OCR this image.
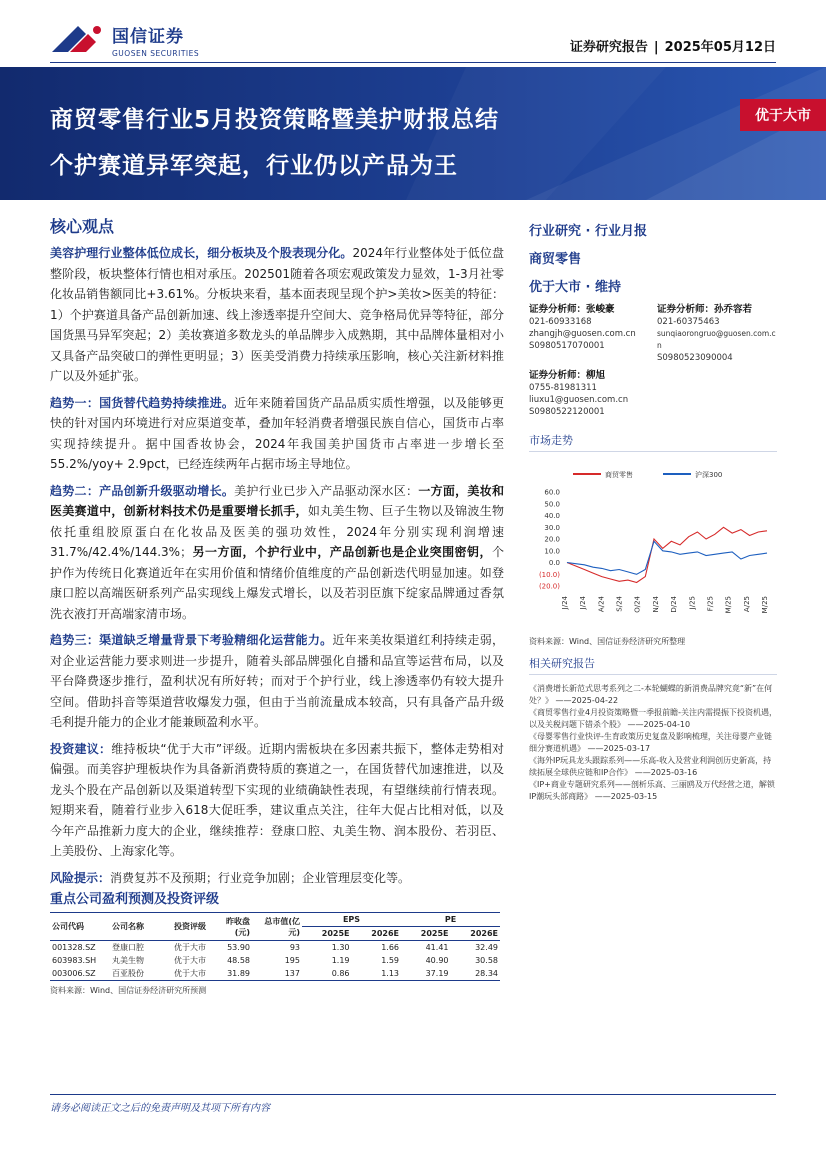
国信证券
GUOSEN SECURITIES	证券研究报告 | 2025年05月12日
商贸零售行业5月投资策略暨美护财报总结
个护赛道异军突起，行业仍以产品为王
优于大市
核心观点

美容护理行业整体低位成长，细分板块及个股表现分化。2024年行业整体处于低位盘整阶段，板块整体行情也相对承压。202501随着各项宏观政策发力显效，1-3月社零化妆品销售额同比+3.61%。分板块来看，基本面表现呈现个护>美妆>医美的特征：1）个护赛道具备产品创新加速、线上渗透率提升空间大、竞争格局优异等特征，部分国货黑马异军突起；2）美妆赛道多数龙头的单品牌步入成熟期，其中品牌体量相对小又具备产品突破口的弹性更明显；3）医美受消费力持续承压影响，核心关注新材料推广以及外延扩张。

趋势一：国货替代趋势持续推进。近年来随着国货产品品质实质性增强，以及能够更快的针对国内环境进行对应渠道变革，叠加年轻消费者增强民族自信心，国货市占率实现持续提升。据中国香妆协会，2024年我国美护国货市占率进一步增长至55.2%/yoy+ 2.9pct，已经连续两年占据市场主导地位。

趋势二：产品创新升级驱动增长。美护行业已步入产品驱动深水区：一方面，美妆和医美赛道中，创新材料技术仍是重要增长抓手，如丸美生物、巨子生物以及锦波生物依托重组胶原蛋白在化妆品及医美的强功效性，2024年分别实现利润增速31.7%/42.4%/144.3%；另一方面，个护行业中，产品创新也是企业突围密钥，个护作为传统日化赛道近年在实用价值和情绪价值维度的产品创新迭代明显加速。如登康口腔以高端医研系列产品实现线上爆发式增长，以及若羽臣旗下绽家品牌通过香氛洗衣液打开高端家清市场。

趋势三：渠道缺乏增量背景下考验精细化运营能力。近年来美妆渠道红利持续走弱，对企业运营能力要求则进一步提升，随着头部品牌强化自播和品宣等运营布局，以及平台降费逐步推行，盈利状况有所好转；而对于个护行业，线上渗透率仍有较大提升空间。借助抖音等渠道营收爆发力强，但由于当前流量成本较高，只有具备产品升级毛利提升能力的企业才能兼顾盈利水平。

投资建议：维持板块“优于大市”评级。近期内需板块在多因素共振下，整体走势相对偏强。而美容护理板块作为具备新消费特质的赛道之一，在国货替代加速推进，以及龙头个股在产品创新以及渠道转型下实现的业绩确缺性表现，有望继续前行情表现。短期来看，随着行业步入618大促旺季，建议重点关注，往年大促占比相对低，以及今年产品推新力度大的企业，继续推荐：登康口腔、丸美生物、润本股份、若羽臣、上美股份、上海家化等。

风险提示：消费复苏不及预期；行业竞争加剧；企业管理层变化等。

行业研究 · 行业月报
商贸零售
优于大市 · 维持
证券分析师：张峻豪
021-60933168
zhangjh@guosen.com.cn
S0980517070001
证券分析师：孙乔容若
021-60375463
sunqiaorongruo@guosen.com.cn
S0980523090004
证券分析师：柳旭
0755-81981311
liuxu1@guosen.com.cn
S0980522120001
市场走势
商贸零售	沪深300
60.0
50.0
40.0
30.0
20.0
10.0
0.0
(10.0)
(20.0)
J/24 J/24 A/24 S/24 O/24 N/24 D/24 J/25 F/25 M/25 A/25 M/25
资料来源：Wind、国信证券经济研究所整理
相关研究报告
《消费增长新范式思考系列之二-本轮蝴蝶的新消费品牌究竟“新”在何处？》 ——2025-04-22
《商贸零售行业4月投资策略暨一季报前瞻-关注内需提振下投资机遇，以及关税问题下错杀个股》 ——2025-04-10
《母婴零售行业快评-生育政策历史复盘及影响梳理，关注母婴产业链细分赛道机遇》 ——2025-03-17
《海外IP玩具龙头跟踪系列——乐高-收入及营业利润创历史新高，持续拓展全球供应链和IP合作》 ——2025-03-16
《IP+商业专题研究系列——剖析乐高、三丽鸥及万代经营之道，解锁IP潮玩头部商路》 ——2025-03-15
重点公司盈利预测及投资评级
公司代码	公司名称	投资评级	昨收盘(元)	总市值(亿元)	EPS		PE	
					2025E	2026E	2025E	2026E
001328.SZ	登康口腔	优于大市	53.90	93	1.30	1.66	41.41	32.49
603983.SH	丸美生物	优于大市	48.58	195	1.19	1.59	40.90	30.58
003006.SZ	百亚股份	优于大市	31.89	137	0.86	1.13	37.19	28.34
资料来源：Wind、国信证券经济研究所预测
请务必阅读正文之后的免责声明及其项下所有内容
